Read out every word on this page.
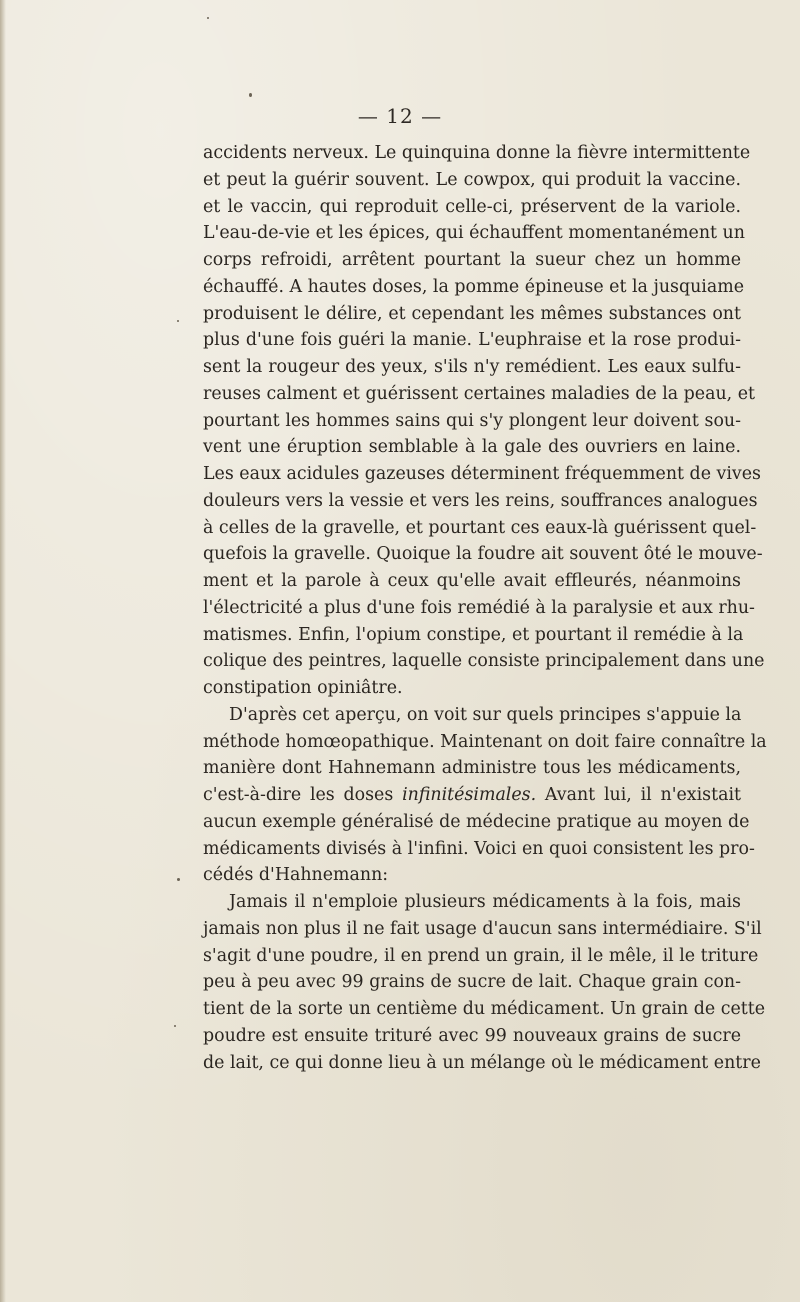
— 12 —
accidents nerveux. Le quinquina donne la fièvre intermittente
et peut la guérir souvent. Le cowpox, qui produit la vaccine.
et le vaccin, qui reproduit celle-ci, préservent de la variole.
L'eau-de-vie et les épices, qui échauffent momentanément un
corps refroidi, arrêtent pourtant la sueur chez un homme
échauffé. A hautes doses, la pomme épineuse et la jusquiame
produisent le délire, et cependant les mêmes substances ont
plus d'une fois guéri la manie. L'euphraise et la rose produi-
sent la rougeur des yeux, s'ils n'y remédient. Les eaux sulfu-
reuses calment et guérissent certaines maladies de la peau, et
pourtant les hommes sains qui s'y plongent leur doivent sou-
vent une éruption semblable à la gale des ouvriers en laine.
Les eaux acidules gazeuses déterminent fréquemment de vives
douleurs vers la vessie et vers les reins, souffrances analogues
à celles de la gravelle, et pourtant ces eaux-là guérissent quel-
quefois la gravelle. Quoique la foudre ait souvent ôté le mouve-
ment et la parole à ceux qu'elle avait effleurés, néanmoins
l'électricité a plus d'une fois remédié à la paralysie et aux rhu-
matismes. Enfin, l'opium constipe, et pourtant il remédie à la
colique des peintres, laquelle consiste principalement dans une
constipation opiniâtre.
D'après cet aperçu, on voit sur quels principes s'appuie la
méthode homœopathique. Maintenant on doit faire connaître la
manière dont Hahnemann administre tous les médicaments,
c'est-à-dire les doses infinitésimales. Avant lui, il n'existait
aucun exemple généralisé de médecine pratique au moyen de
médicaments divisés à l'infini. Voici en quoi consistent les pro-
cédés d'Hahnemann:
Jamais il n'emploie plusieurs médicaments à la fois, mais
jamais non plus il ne fait usage d'aucun sans intermédiaire. S'il
s'agit d'une poudre, il en prend un grain, il le mêle, il le triture
peu à peu avec 99 grains de sucre de lait. Chaque grain con-
tient de la sorte un centième du médicament. Un grain de cette
poudre est ensuite trituré avec 99 nouveaux grains de sucre
de lait, ce qui donne lieu à un mélange où le médicament entre
